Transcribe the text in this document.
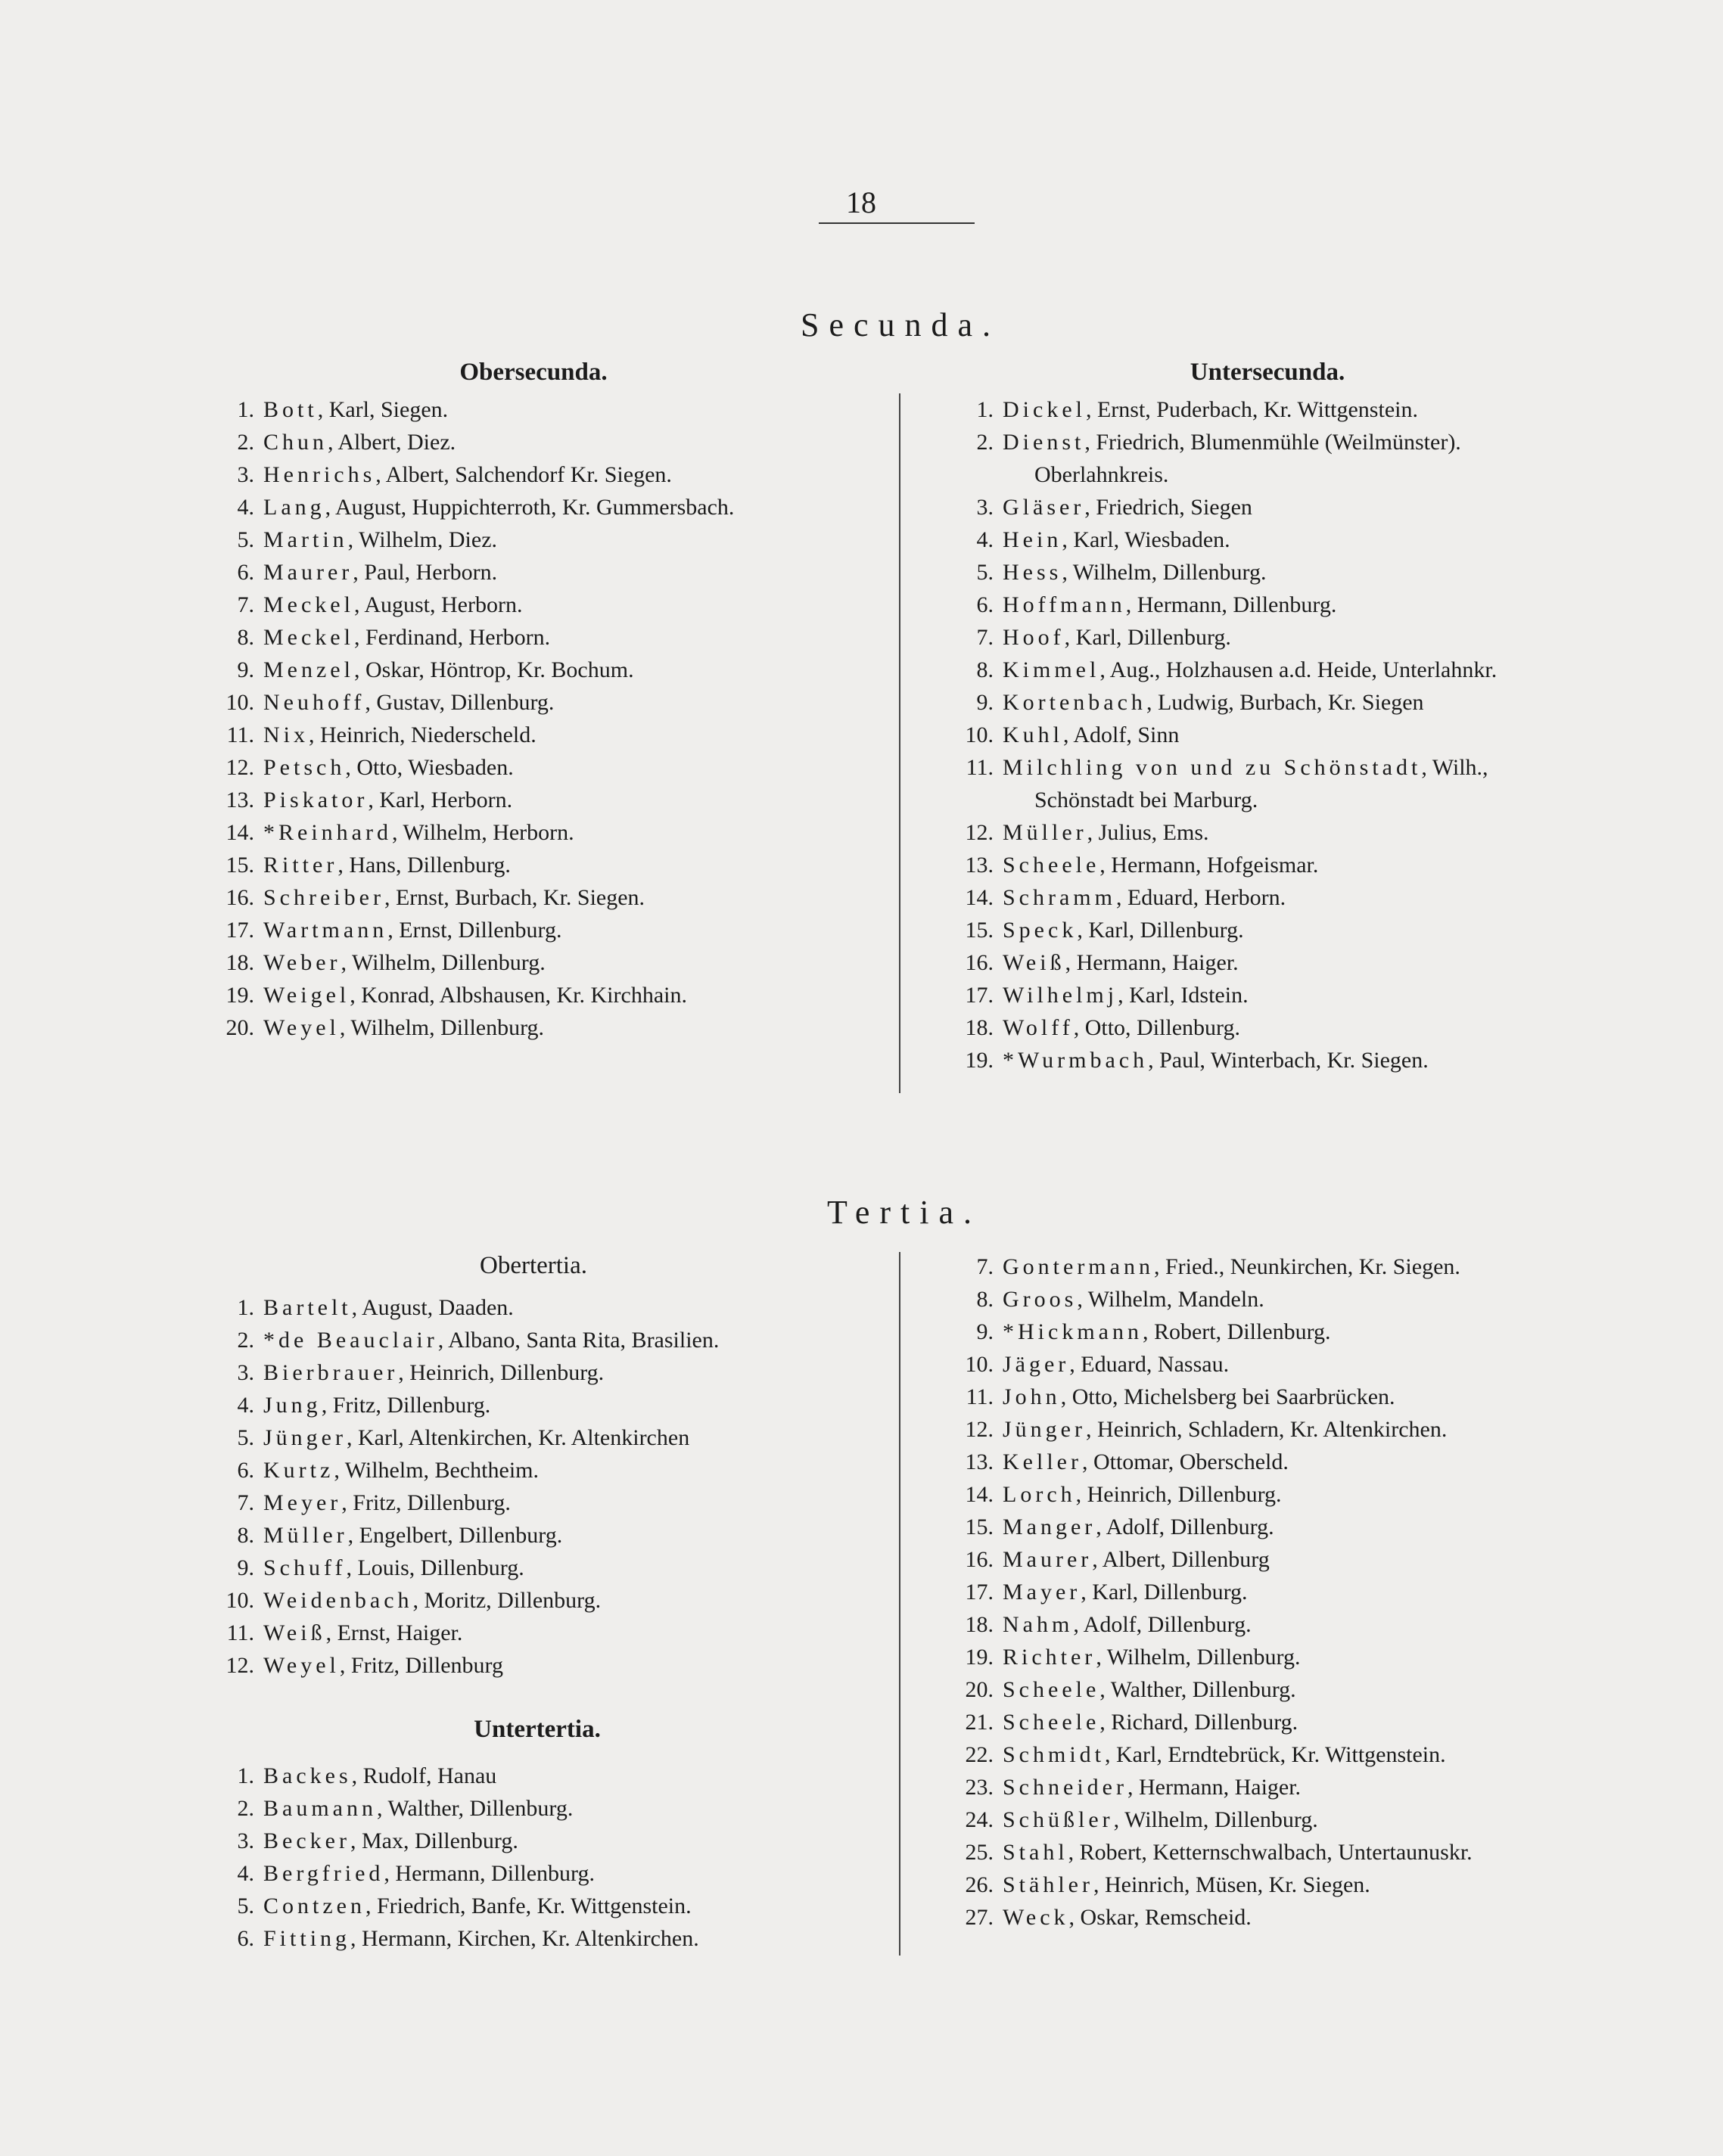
18
Secunda.
Obersecunda.	Untersecunda.
1. Bott, Karl, Siegen.
2. Chun, Albert, Diez.
3. Henrichs, Albert, Salchendorf Kr. Siegen.
4. Lang, August, Huppichterroth, Kr. Gummersbach.
5. Martin, Wilhelm, Diez.
6. Maurer, Paul, Herborn.
7. Meckel, August, Herborn.
8. Meckel, Ferdinand, Herborn.
9. Menzel, Oskar, Höntrop, Kr. Bochum.
10. Neuhoff, Gustav, Dillenburg.
11. Nix, Heinrich, Niederscheld.
12. Petsch, Otto, Wiesbaden.
13. Piskator, Karl, Herborn.
14. *Reinhard, Wilhelm, Herborn.
15. Ritter, Hans, Dillenburg.
16. Schreiber, Ernst, Burbach, Kr. Siegen.
17. Wartmann, Ernst, Dillenburg.
18. Weber, Wilhelm, Dillenburg.
19. Weigel, Konrad, Albshausen, Kr. Kirchhain.
20. Weyel, Wilhelm, Dillenburg.
1. Dickel, Ernst, Puderbach, Kr. Wittgenstein.
2. Dienst, Friedrich, Blumenmühle (Weilmünster).
Oberlahnkreis.
3. Gläser, Friedrich, Siegen
4. Hein, Karl, Wiesbaden.
5. Hess, Wilhelm, Dillenburg.
6. Hoffmann, Hermann, Dillenburg.
7. Hoof, Karl, Dillenburg.
8. Kimmel, Aug., Holzhausen a.d. Heide, Unterlahnkr.
9. Kortenbach, Ludwig, Burbach, Kr. Siegen
10. Kuhl, Adolf, Sinn
11. Milchling von und zu Schönstadt, Wilh.,
Schönstadt bei Marburg.
12. Müller, Julius, Ems.
13. Scheele, Hermann, Hofgeismar.
14. Schramm, Eduard, Herborn.
15. Speck, Karl, Dillenburg.
16. Weiß, Hermann, Haiger.
17. Wilhelmj, Karl, Idstein.
18. Wolff, Otto, Dillenburg.
19. *Wurmbach, Paul, Winterbach, Kr. Siegen.
Tertia.
Obertertia.
1. Bartelt, August, Daaden.
2. *de Beauclair, Albano, Santa Rita, Brasilien.
3. Bierbrauer, Heinrich, Dillenburg.
4. Jung, Fritz, Dillenburg.
5. Jünger, Karl, Altenkirchen, Kr. Altenkirchen
6. Kurtz, Wilhelm, Bechtheim.
7. Meyer, Fritz, Dillenburg.
8. Müller, Engelbert, Dillenburg.
9. Schuff, Louis, Dillenburg.
10. Weidenbach, Moritz, Dillenburg.
11. Weiß, Ernst, Haiger.
12. Weyel, Fritz, Dillenburg
7. Gontermann, Fried., Neunkirchen, Kr. Siegen.
8. Groos, Wilhelm, Mandeln.
9. *Hickmann, Robert, Dillenburg.
10. Jäger, Eduard, Nassau.
11. John, Otto, Michelsberg bei Saarbrücken.
12. Jünger, Heinrich, Schladern, Kr. Altenkirchen.
13. Keller, Ottomar, Oberscheld.
14. Lorch, Heinrich, Dillenburg.
15. Manger, Adolf, Dillenburg.
16. Maurer, Albert, Dillenburg
17. Mayer, Karl, Dillenburg.
18. Nahm, Adolf, Dillenburg.
19. Richter, Wilhelm, Dillenburg.
20. Scheele, Walther, Dillenburg.
21. Scheele, Richard, Dillenburg.
22. Schmidt, Karl, Erndtebrück, Kr. Wittgenstein.
23. Schneider, Hermann, Haiger.
24. Schüßler, Wilhelm, Dillenburg.
25. Stahl, Robert, Ketternschwalbach, Untertaunuskr.
26. Stähler, Heinrich, Müsen, Kr. Siegen.
27. Weck, Oskar, Remscheid.
Untertertia.
1. Backes, Rudolf, Hanau
2. Baumann, Walther, Dillenburg.
3. Becker, Max, Dillenburg.
4. Bergfried, Hermann, Dillenburg.
5. Contzen, Friedrich, Banfe, Kr. Wittgenstein.
6. Fitting, Hermann, Kirchen, Kr. Altenkirchen.
